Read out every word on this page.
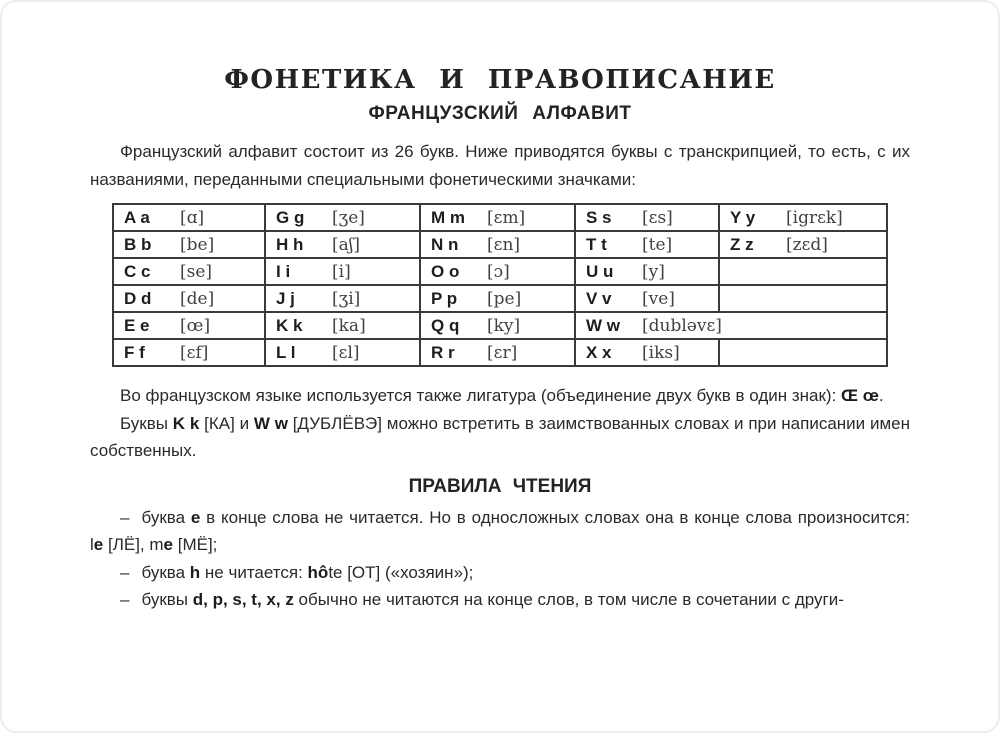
ФОНЕТИКА И ПРАВОПИСАНИЕ
ФРАНЦУЗСКИЙ АЛФАВИТ

Французский алфавит состоит из 26 букв. Ниже приводятся буквы с транскрипцией, то есть, с их названиями, переданными специальными фонетическими значками:

A a [ɑ]	G g [ʒe]	M m [ɛm]	S s [ɛs]	Y y [igrɛk]
B b [be]	H h [aʃ]	N n [ɛn]	T t [te]	Z z [zɛd]
C c [se]	I i [i]	O o [ɔ]	U u [y]	
D d [de]	J j [ʒi]	P p [pe]	V v [ve]	
E e [œ]	K k [ka]	Q q [ky]	W w [dubləvɛ]	
F f [ɛf]	L l [ɛl]	R r [ɛr]	X x [iks]	

Во французском языке используется также лигатура (объединение двух букв в один знак): Œ œ.

Буквы K k [КА] и W w [ДУБЛЁВЭ] можно встретить в заимствованных словах и при написании имен собственных.

ПРАВИЛА ЧТЕНИЯ

– буква e в конце слова не читается. Но в односложных словах она в конце слова произносится: le [ЛЁ], me [МЁ];

– буква h не читается: hôte [ОТ] («хозяин»);

– буквы d, p, s, t, x, z обычно не читаются на конце слов, в том числе в сочетании с други-
